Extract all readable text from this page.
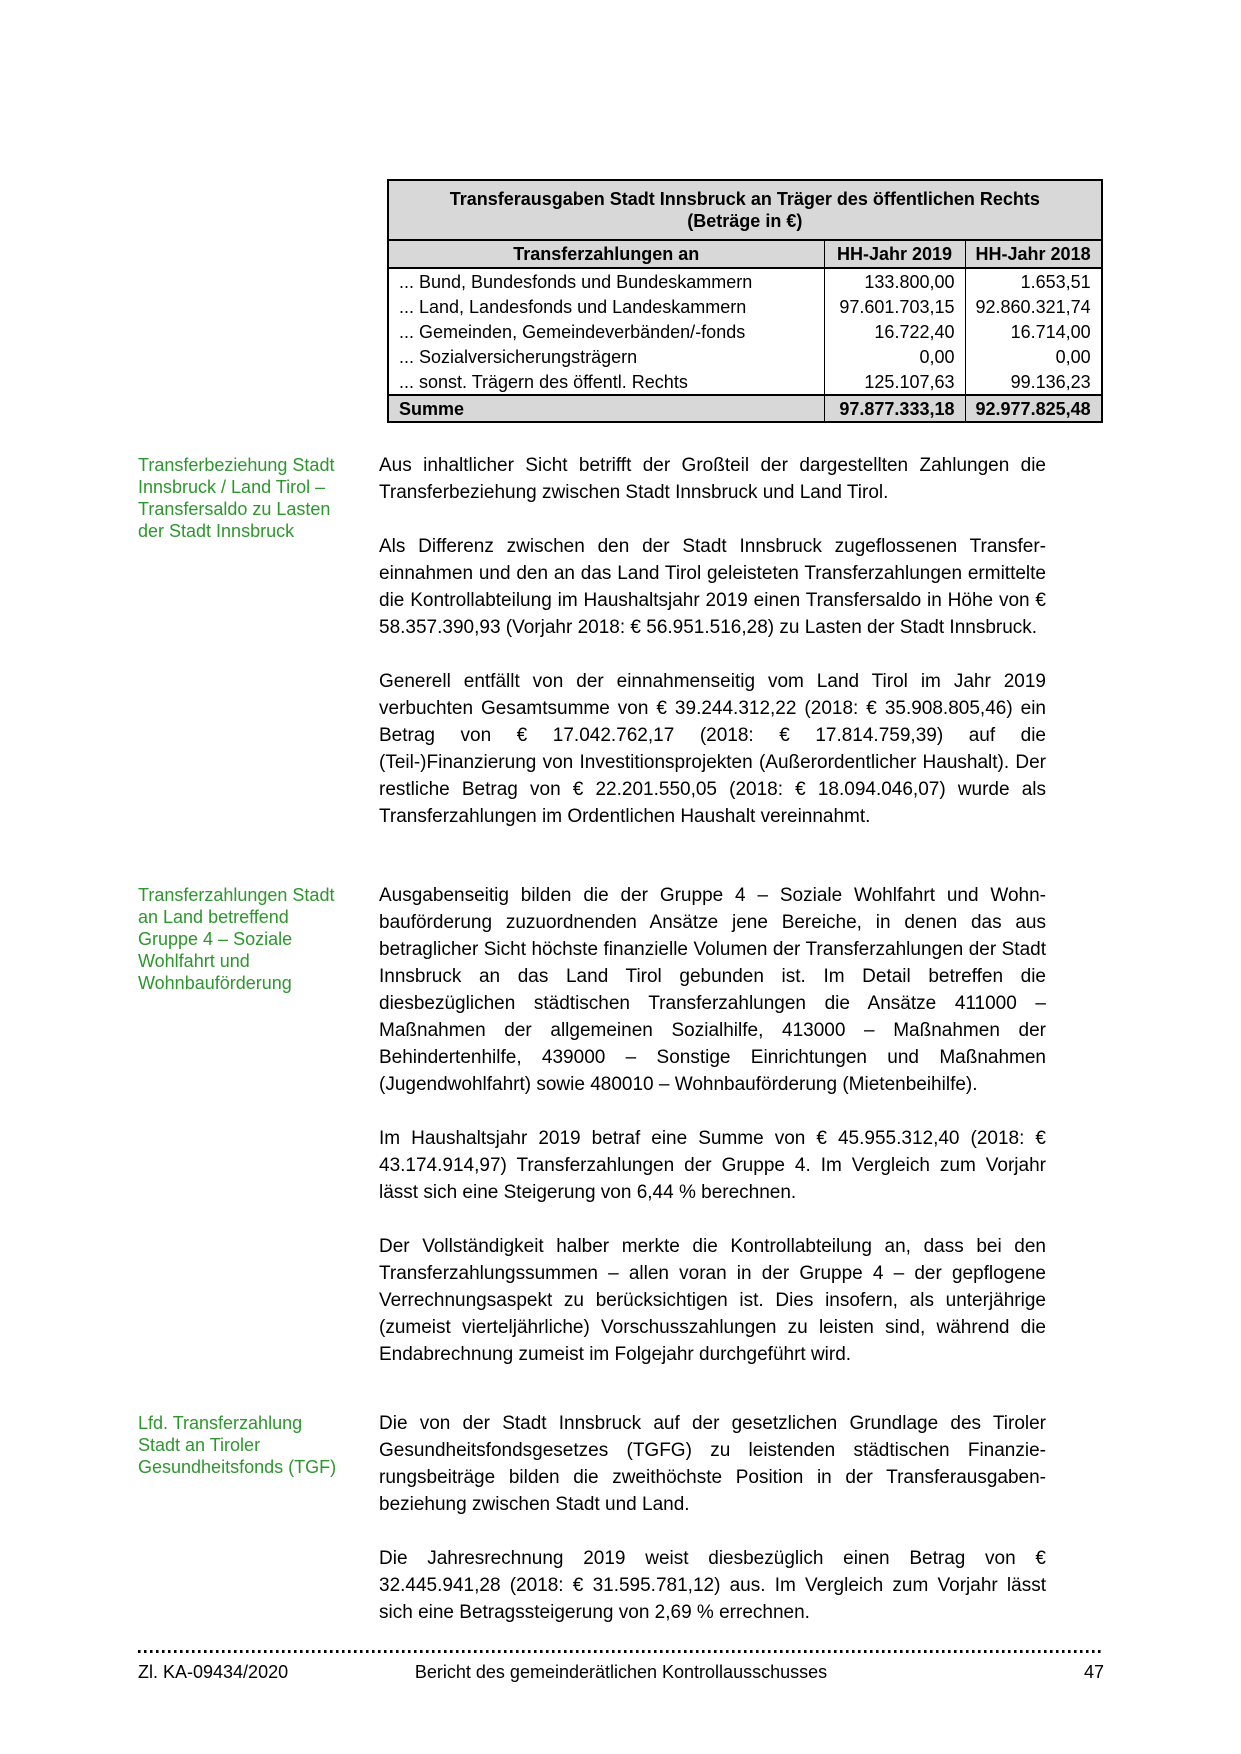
Transferausgaben Stadt Innsbruck an Träger des öffentlichen Rechts
(Beträge in €)		

Transferzahlungen an	HH-Jahr 2019	HH-Jahr 2018
... Bund, Bundesfonds und Bundeskammern	133.800,00	1.653,51
... Land, Landesfonds und Landeskammern	97.601.703,15	92.860.321,74
... Gemeinden, Gemeindeverbänden/-fonds	16.722,40	16.714,00
... Sozialversicherungsträgern	0,00	0,00
... sonst. Trägern des öffentl. Rechts	125.107,63	99.136,23
Summe	97.877.333,18	92.977.825,48
Transferbeziehung Stadt Innsbruck / Land Tirol – Transfersaldo zu Lasten der Stadt Innsbruck

Aus inhaltlicher Sicht betrifft der Großteil der dargestellten Zahlungen die Transferbeziehung zwischen Stadt Innsbruck und Land Tirol.

Als Differenz zwischen den der Stadt Innsbruck zugeflossenen Transfereinnahmen und den an das Land Tirol geleisteten Transferzahlungen ermittelte die Kontrollabteilung im Haushaltsjahr 2019 einen Transfersaldo in Höhe von € 58.357.390,93 (Vorjahr 2018: € 56.951.516,28) zu Lasten der Stadt Innsbruck.

Generell entfällt von der einnahmenseitig vom Land Tirol im Jahr 2019 verbuchten Gesamtsumme von € 39.244.312,22 (2018: € 35.908.805,46) ein Betrag von € 17.042.762,17 (2018: € 17.814.759,39) auf die (Teil-)Finanzierung von Investitionsprojekten (Außerordentlicher Haushalt). Der restliche Betrag von € 22.201.550,05 (2018: € 18.094.046,07) wurde als Transferzahlungen im Ordentlichen Haushalt vereinnahmt.

Transferzahlungen Stadt an Land betreffend Gruppe 4 – Soziale Wohlfahrt und Wohnbauförderung

Ausgabenseitig bilden die der Gruppe 4 – Soziale Wohlfahrt und Wohnbauförderung zuzuordnenden Ansätze jene Bereiche, in denen das aus betraglicher Sicht höchste finanzielle Volumen der Transferzahlungen der Stadt Innsbruck an das Land Tirol gebunden ist. Im Detail betreffen die diesbezüglichen städtischen Transferzahlungen die Ansätze 411000 – Maßnahmen der allgemeinen Sozialhilfe, 413000 – Maßnahmen der Behindertenhilfe, 439000 – Sonstige Einrichtungen und Maßnahmen (Jugendwohlfahrt) sowie 480010 – Wohnbauförderung (Mietenbeihilfe).

Im Haushaltsjahr 2019 betraf eine Summe von € 45.955.312,40 (2018: € 43.174.914,97) Transferzahlungen der Gruppe 4. Im Vergleich zum Vorjahr lässt sich eine Steigerung von 6,44 % berechnen.

Der Vollständigkeit halber merkte die Kontrollabteilung an, dass bei den Transferzahlungssummen – allen voran in der Gruppe 4 – der gepflogene Verrechnungsaspekt zu berücksichtigen ist. Dies insofern, als unterjährige (zumeist vierteljährliche) Vorschusszahlungen zu leisten sind, während die Endabrechnung zumeist im Folgejahr durchgeführt wird.

Lfd. Transferzahlung Stadt an Tiroler Gesundheitsfonds (TGF)

Die von der Stadt Innsbruck auf der gesetzlichen Grundlage des Tiroler Gesundheitsfondsgesetzes (TGFG) zu leistenden städtischen Finanzierungsbeiträge bilden die zweithöchste Position in der Transferausgabenbeziehung zwischen Stadt und Land.

Die Jahresrechnung 2019 weist diesbezüglich einen Betrag von € 32.445.941,28 (2018: € 31.595.781,12) aus. Im Vergleich zum Vorjahr lässt sich eine Betragssteigerung von 2,69 % errechnen.

Zl. KA-09434/2020	Bericht des gemeinderätlichen Kontrollausschusses	47
